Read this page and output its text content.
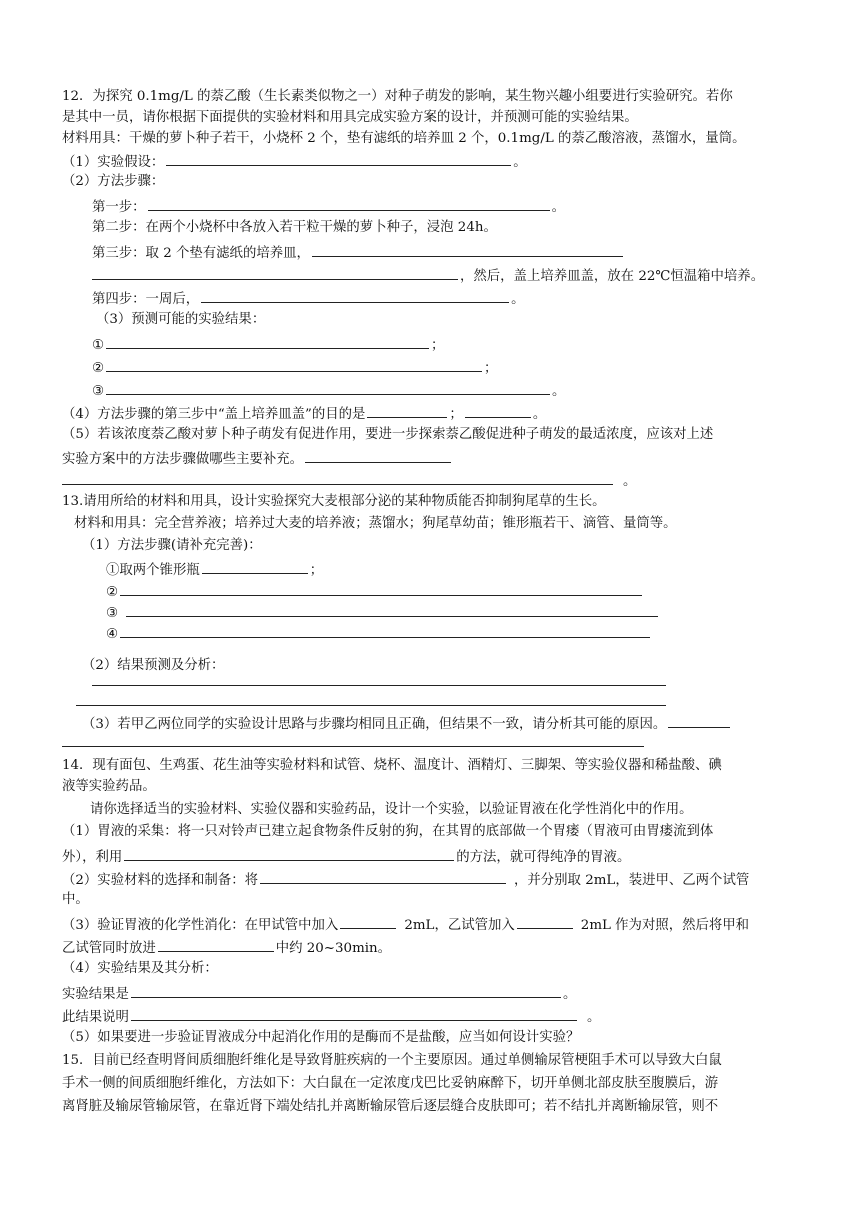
12．为探究 0.1mg/L 的萘乙酸（生长素类似物之一）对种子萌发的影响，某生物兴趣小组要进行实验研究。若你
是其中一员，请你根据下面提供的实验材料和用具完成实验方案的设计，并预测可能的实验结果。
材料用具：干燥的萝卜种子若干，小烧杯 2 个，垫有滤纸的培养皿 2 个，0.1mg/L 的萘乙酸溶液，蒸馏水，量筒。
（1）实验假设：	。
（2）方法步骤：
第一步：	。
第二步：在两个小烧杯中各放入若干粒干燥的萝卜种子，浸泡 24h。
第三步：取 2 个垫有滤纸的培养皿，
，然后，盖上培养皿盖，放在 22℃恒温箱中培养。
第四步：一周后，	。
（3）预测可能的实验结果：
①	；
②	；
③	。
（4）方法步骤的第三步中“盖上培养皿盖”的目的是	；	。
（5）若该浓度萘乙酸对萝卜种子萌发有促进作用，要进一步探索萘乙酸促进种子萌发的最适浓度，应该对上述
实验方案中的方法步骤做哪些主要补充。
。
13.请用所给的材料和用具，设计实验探究大麦根部分泌的某种物质能否抑制狗尾草的生长。
材料和用具：完全营养液；培养过大麦的培养液；蒸馏水；狗尾草幼苗；锥形瓶若干、滴管、量筒等。
（1）方法步骤(请补充完善)：
①取两个锥形瓶	；
②
③
④
（2）结果预测及分析：
（3）若甲乙两位同学的实验设计思路与步骤均相同且正确，但结果不一致，请分析其可能的原因。
14．现有面包、生鸡蛋、花生油等实验材料和试管、烧杯、温度计、酒精灯、三脚架、等实验仪器和稀盐酸、碘
液等实验药品。
请你选择适当的实验材料、实验仪器和实验药品，设计一个实验，以验证胃液在化学性消化中的作用。
（1）胃液的采集：将一只对铃声已建立起食物条件反射的狗，在其胃的底部做一个胃瘘（胃液可由胃瘘流到体
外），利用	的方法，就可得纯净的胃液。
（2）实验材料的选择和制备：将	，并分别取 2mL，装进甲、乙两个试管
中。
（3）验证胃液的化学性消化：在甲试管中加入	2mL，乙试管加入	2mL 作为对照，然后将甲和
乙试管同时放进	中约 20~30min。
（4）实验结果及其分析：
实验结果是	。
此结果说明	。
（5）如果要进一步验证胃液成分中起消化作用的是酶而不是盐酸，应当如何设计实验？
15．目前已经查明肾间质细胞纤维化是导致肾脏疾病的一个主要原因。通过单侧输尿管梗阻手术可以导致大白鼠
手术一侧的间质细胞纤维化，方法如下：大白鼠在一定浓度戊巴比妥钠麻醉下，切开单侧北部皮肤至腹膜后，游
离肾脏及输尿管输尿管，在靠近肾下端处结扎并离断输尿管后逐层缝合皮肤即可；若不结扎并离断输尿管，则不
